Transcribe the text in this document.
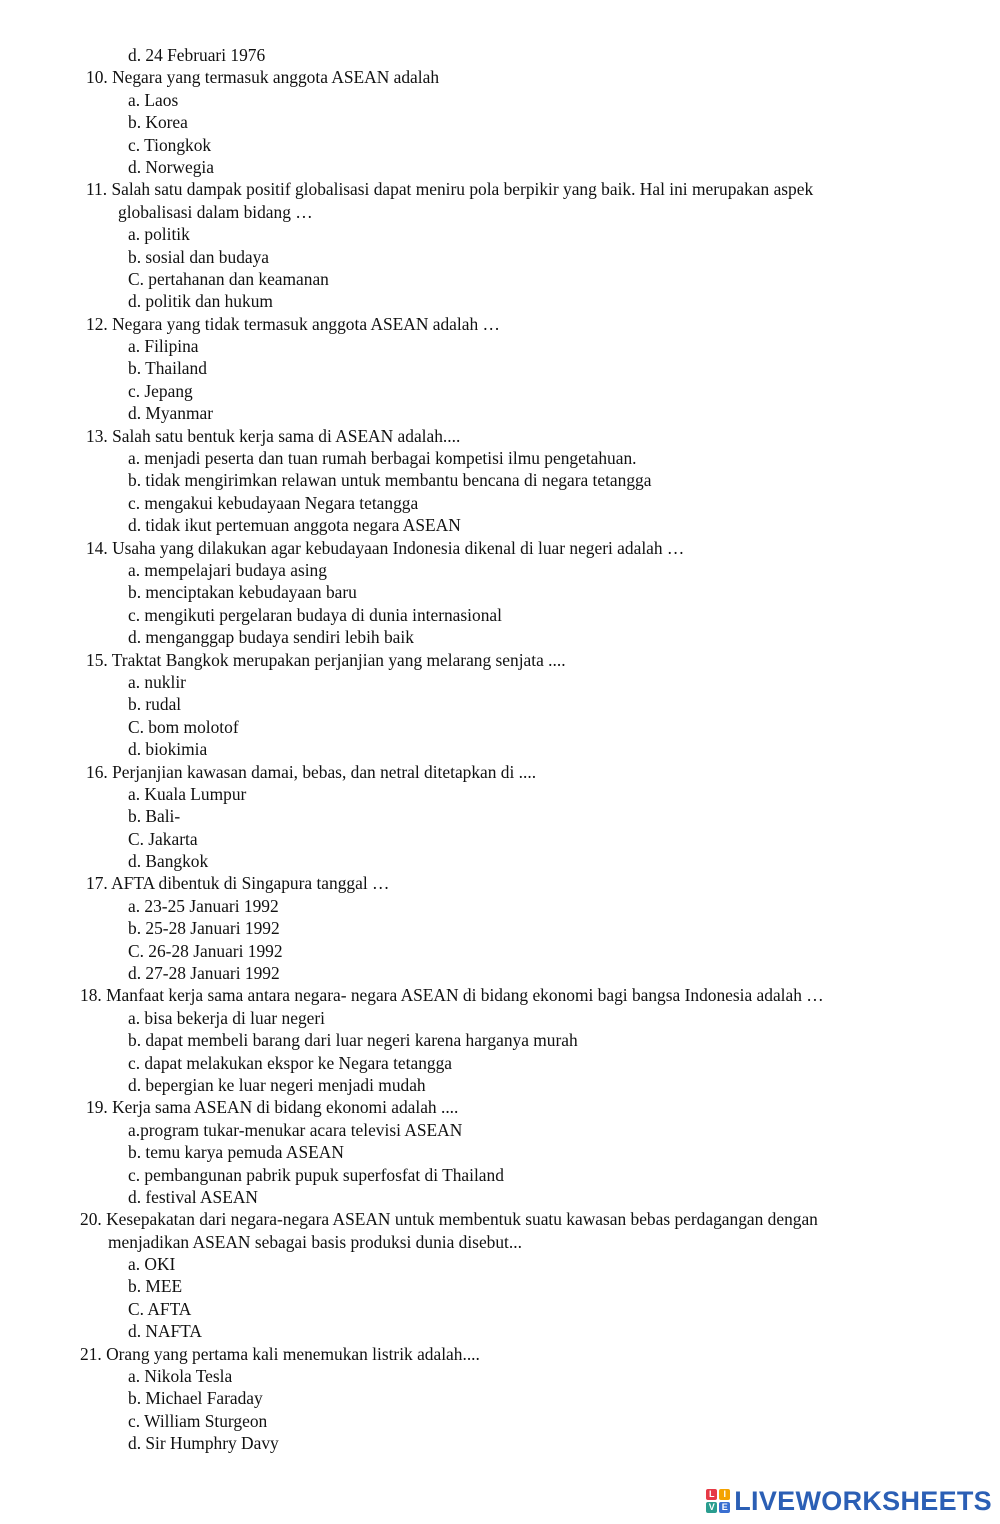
d. 24 Februari 1976
10. Negara yang termasuk anggota ASEAN adalah
a. Laos
b. Korea
c. Tiongkok
d. Norwegia
11. Salah satu dampak positif globalisasi dapat meniru pola berpikir yang baik. Hal ini merupakan aspek
globalisasi dalam bidang …
a. politik
b. sosial dan budaya
C. pertahanan dan keamanan
d. politik dan hukum
12. Negara yang tidak termasuk anggota ASEAN adalah …
a. Filipina
b. Thailand
c. Jepang
d. Myanmar
13. Salah satu bentuk kerja sama di ASEAN adalah....
a. menjadi peserta dan tuan rumah berbagai kompetisi ilmu pengetahuan.
b. tidak mengirimkan relawan untuk membantu bencana di negara tetangga
c. mengakui kebudayaan Negara tetangga
d. tidak ikut pertemuan anggota negara ASEAN
14. Usaha yang dilakukan agar kebudayaan Indonesia dikenal di luar negeri adalah …
a. mempelajari budaya asing
b. menciptakan kebudayaan baru
c. mengikuti pergelaran budaya di dunia internasional
d. menganggap budaya sendiri lebih baik
15. Traktat Bangkok merupakan perjanjian yang melarang senjata ....
a. nuklir
b. rudal
C. bom molotof
d. biokimia
16. Perjanjian kawasan damai, bebas, dan netral ditetapkan di ....
a. Kuala Lumpur
b. Bali-
C. Jakarta
d. Bangkok
17. AFTA dibentuk di Singapura tanggal …
a. 23-25 Januari 1992
b. 25-28 Januari 1992
C. 26-28 Januari 1992
d. 27-28 Januari 1992
18. Manfaat kerja sama antara negara- negara ASEAN di bidang ekonomi bagi bangsa Indonesia adalah …
a. bisa bekerja di luar negeri
b. dapat membeli barang dari luar negeri karena harganya murah
c. dapat melakukan ekspor ke Negara tetangga
d. bepergian ke luar negeri menjadi mudah
19. Kerja sama ASEAN di bidang ekonomi adalah ....
a.program tukar-menukar acara televisi ASEAN
b. temu karya pemuda ASEAN
c. pembangunan pabrik pupuk superfosfat di Thailand
d. festival ASEAN
20. Kesepakatan dari negara-negara ASEAN untuk membentuk suatu kawasan bebas perdagangan dengan
menjadikan ASEAN sebagai basis produksi dunia disebut...
a. OKI
b. MEE
C. AFTA
d. NAFTA
21. Orang yang pertama kali menemukan listrik adalah....
a. Nikola Tesla
b. Michael Faraday
c. William Sturgeon
d. Sir Humphry Davy
L I
V E LIVEWORKSHEETS
